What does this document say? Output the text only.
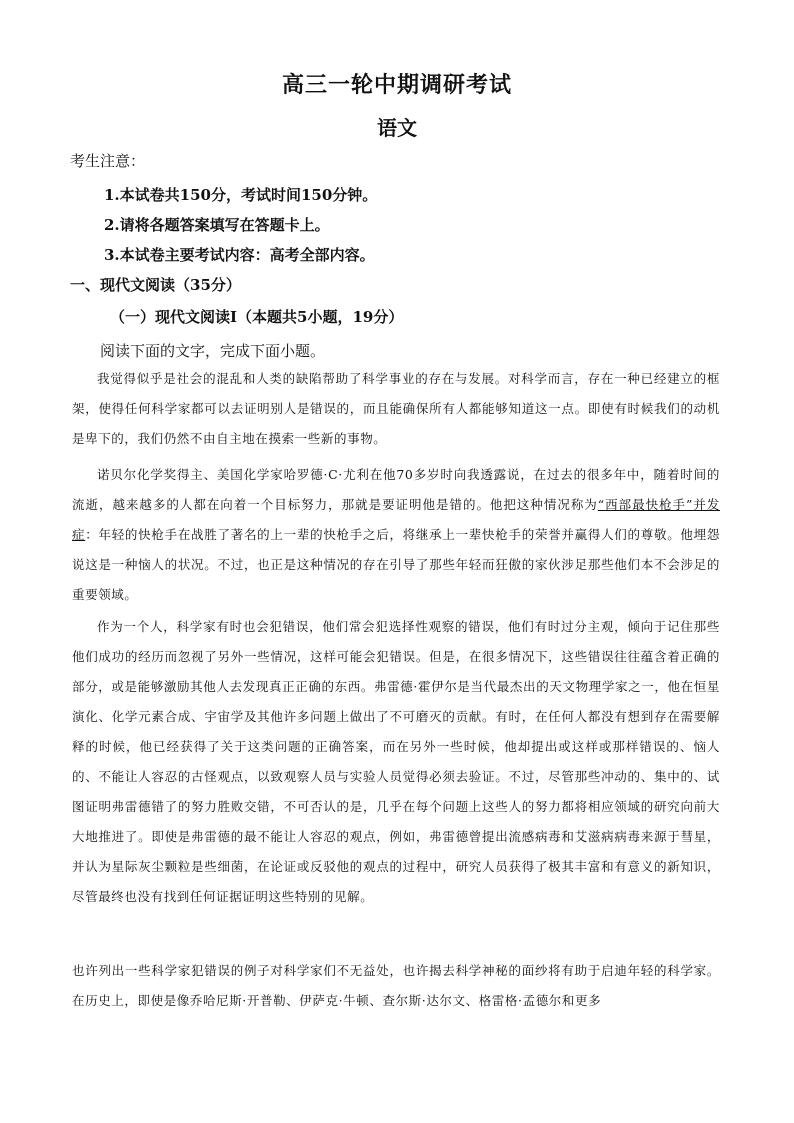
高三一轮中期调研考试
语文
考生注意：
1.本试卷共150分，考试时间150分钟。
2.请将各题答案填写在答题卡上。
3.本试卷主要考试内容：高考全部内容。
一、现代文阅读（35分）
（一）现代文阅读Ⅰ（本题共5小题，19分）
阅读下面的文字，完成下面小题。

我觉得似乎是社会的混乱和人类的缺陷帮助了科学事业的存在与发展。对科学而言，存在一种已经建立的框架，使得任何科学家都可以去证明别人是错误的，而且能确保所有人都能够知道这一点。即使有时候我们的动机是卑下的，我们仍然不由自主地在摸索一些新的事物。

诺贝尔化学奖得主、美国化学家哈罗德·C·尤利在他70多岁时向我透露说，在过去的很多年中，随着时间的流逝，越来越多的人都在向着一个目标努力，那就是要证明他是错的。他把这种情况称为“西部最快枪手”并发症：年轻的快枪手在战胜了著名的上一辈的快枪手之后，将继承上一辈快枪手的荣誉并赢得人们的尊敬。他埋怨说这是一种恼人的状况。不过，也正是这种情况的存在引导了那些年轻而狂傲的家伙涉足那些他们本不会涉足的重要领域。

作为一个人，科学家有时也会犯错误，他们常会犯选择性观察的错误，他们有时过分主观，倾向于记住那些他们成功的经历而忽视了另外一些情况，这样可能会犯错误。但是，在很多情况下，这些错误往往蕴含着正确的部分，或是能够激励其他人去发现真正正确的东西。弗雷德·霍伊尔是当代最杰出的天文物理学家之一，他在恒星演化、化学元素合成、宇宙学及其他许多问题上做出了不可磨灭的贡献。有时，在任何人都没有想到存在需要解释的时候，他已经获得了关于这类问题的正确答案，而在另外一些时候，他却提出或这样或那样错误的、恼人的、不能让人容忍的古怪观点，以致观察人员与实验人员觉得必须去验证。不过，尽管那些冲动的、集中的、试图证明弗雷德错了的努力胜败交错，不可否认的是，几乎在每个问题上这些人的努力都将相应领域的研究向前大大地推进了。即使是弗雷德的最不能让人容忍的观点，例如，弗雷德曾提出流感病毒和艾滋病病毒来源于彗星，并认为星际灰尘颗粒是些细菌，在论证或反驳他的观点的过程中，研究人员获得了极其丰富和有意义的新知识，尽管最终也没有找到任何证据证明这些特别的见解。

也许列出一些科学家犯错误的例子对科学家们不无益处，也许揭去科学神秘的面纱将有助于启迪年轻的科学家。在历史上，即使是像乔哈尼斯·开普勒、伊萨克·牛顿、查尔斯·达尔文、格雷格·孟德尔和更多
